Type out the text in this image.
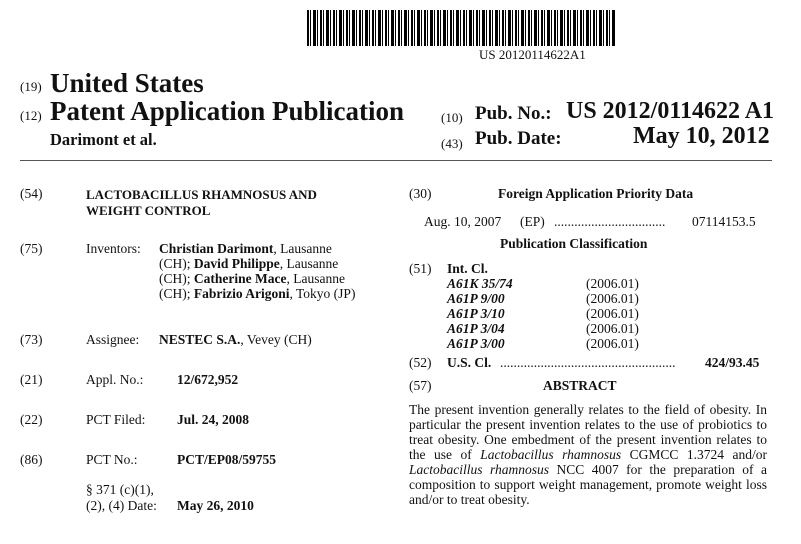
US 20120114622A1
(19) United States
(12) Patent Application Publication
Darimont et al.
(10) Pub. No.: US 2012/0114622 A1
(43) Pub. Date:	May 10, 2012
(54)	LACTOBACILLUS RHAMNOSUS AND
WEIGHT CONTROL
(75)	Inventors: Christian Darimont, Lausanne
(CH); David Philippe, Lausanne
(CH); Catherine Mace, Lausanne
(CH); Fabrizio Arigoni, Tokyo (JP)
(73)	Assignee: NESTEC S.A., Vevey (CH)
(21)	Appl. No.: 12/672,952
(22)	PCT Filed: Jul. 24, 2008
(86)	PCT No.:	PCT/EP08/59755
§ 371 (c)(1),
(2), (4) Date: May 26, 2010
(30)	Foreign Application Priority Data
Aug. 10, 2007 (EP) ................................. 07114153.5
Publication Classification
(51) Int. Cl.
A61K 35/74	(2006.01)
A61P 9/00	(2006.01)
A61P 3/10	(2006.01)
A61P 3/04	(2006.01)
A61P 3/00	(2006.01)
(52) U.S. Cl. .................................................... 424/93.45
(57)	ABSTRACT
The present invention generally relates to the field of obesity. In particular the present invention relates to the use of probiotics to treat obesity. One embedment of the present invention relates to the use of Lactobacillus rhamnosus CGMCC 1.3724 and/or Lactobacillus rhamnosus NCC 4007 for the preparation of a composition to support weight management, promote weight loss and/or to treat obesity.
